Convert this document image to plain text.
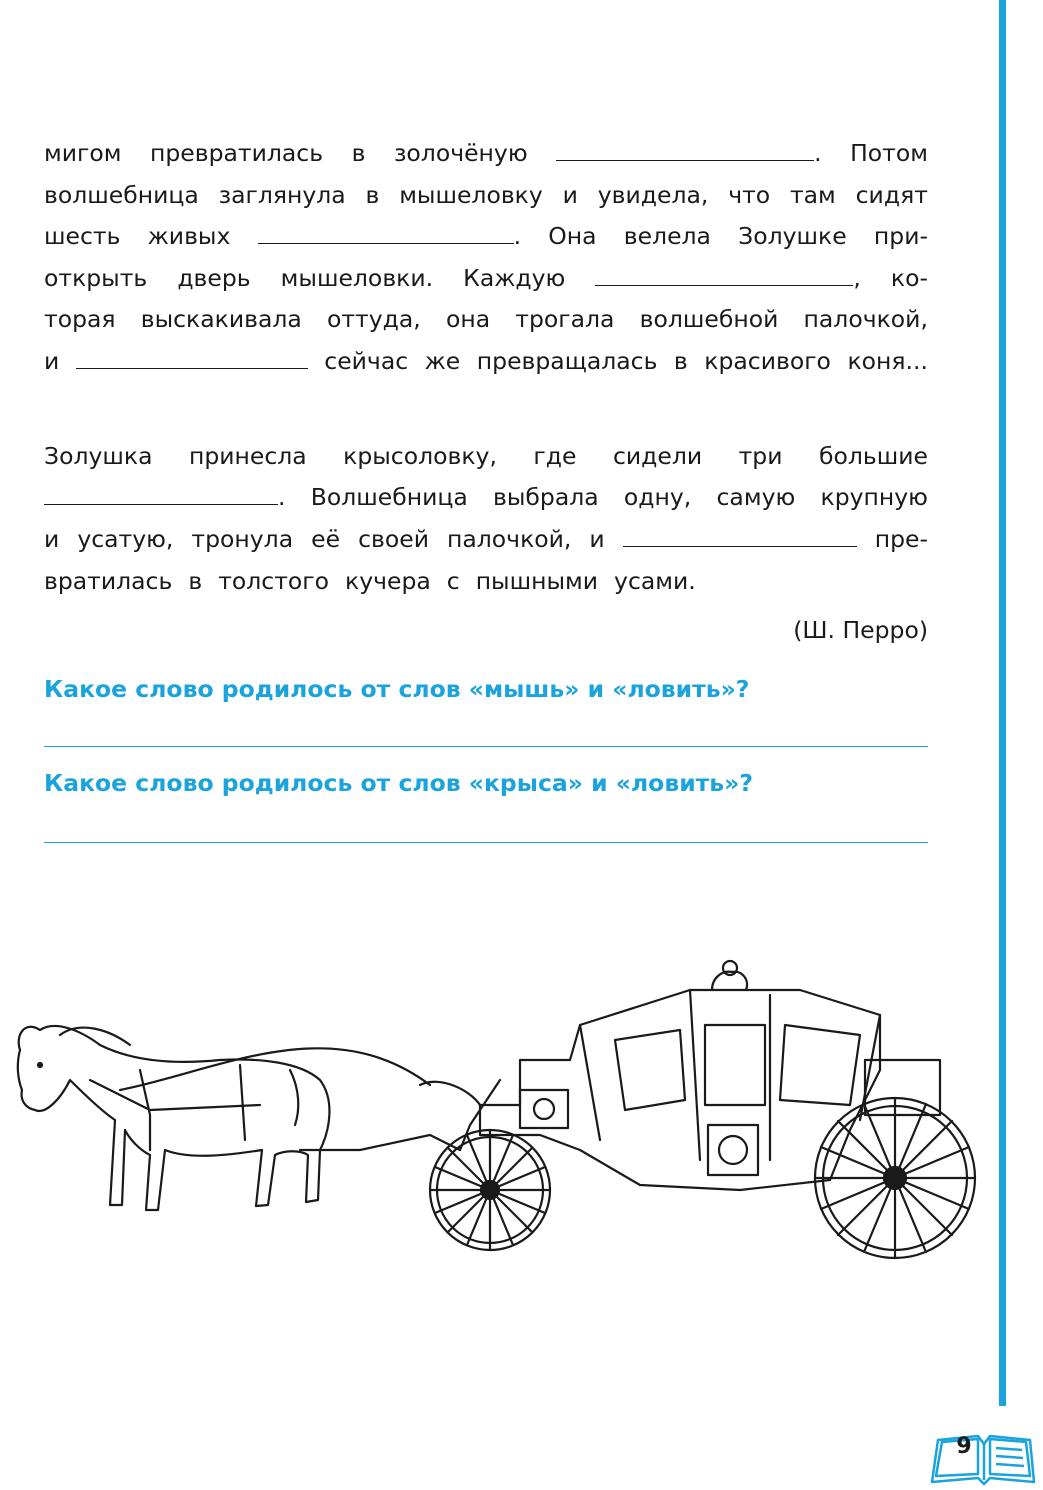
мигом превратилась в золочёную	. Потом
волшебница заглянула в мышеловку и увидела, что там сидят
шесть живых	. Она велела Золушке при-
открыть дверь мышеловки. Каждую	, ко-
торая выскакивала оттуда, она трогала волшебной палочкой,
и	сейчас же превращалась в красивого коня...
Золушка принесла крысоловку, где сидели три большие
. Волшебница выбрала одну, самую крупную
и усатую, тронула её своей палочкой, и	пре-
вратилась в толстого кучера с пышными усами.
(Ш. Перро)
Какое слово родилось от слов «мышь» и «ловить»?
Какое слово родилось от слов «крыса» и «ловить»?
9
